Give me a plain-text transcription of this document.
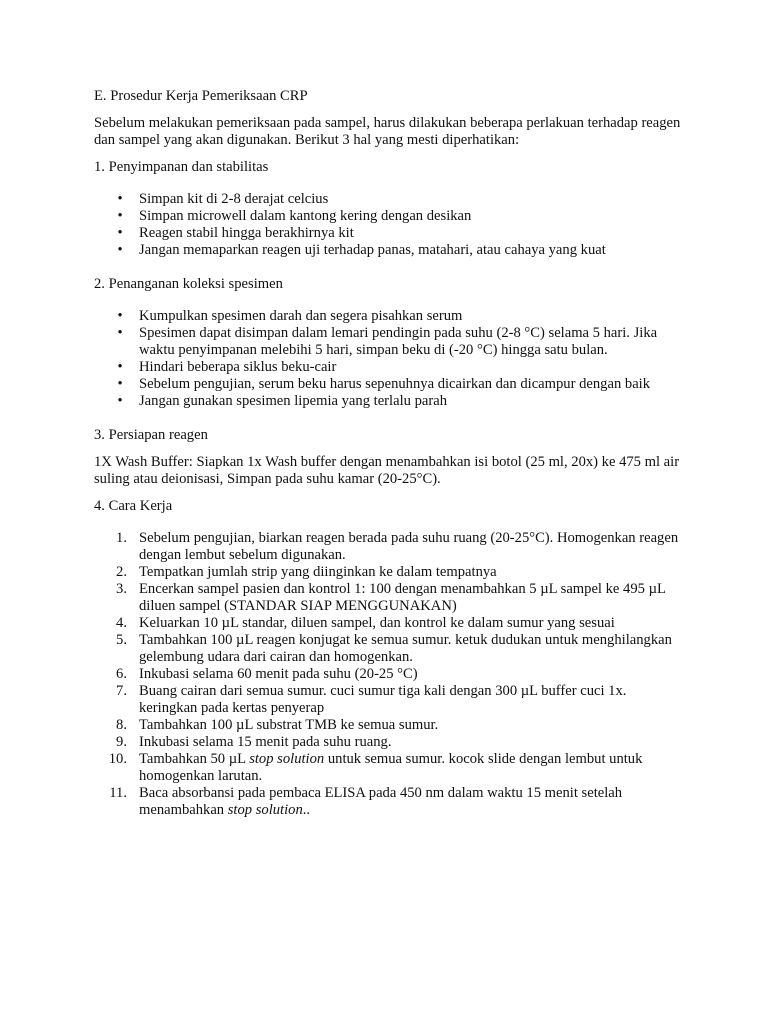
E. Prosedur Kerja Pemeriksaan CRP

Sebelum melakukan pemeriksaan pada sampel, harus dilakukan beberapa perlakuan terhadap reagen dan sampel yang akan digunakan. Berikut 3 hal yang mesti diperhatikan:

1. Penyimpanan dan stabilitas

• Simpan kit di 2-8 derajat celcius
• Simpan microwell dalam kantong kering dengan desikan
• Reagen stabil hingga berakhirnya kit
• Jangan memaparkan reagen uji terhadap panas, matahari, atau cahaya yang kuat

2. Penanganan koleksi spesimen

• Kumpulkan spesimen darah dan segera pisahkan serum
• Spesimen dapat disimpan dalam lemari pendingin pada suhu (2-8 °C) selama 5 hari. Jika waktu penyimpanan melebihi 5 hari, simpan beku di (-20 °C) hingga satu bulan.
• Hindari beberapa siklus beku-cair
• Sebelum pengujian, serum beku harus sepenuhnya dicairkan dan dicampur dengan baik
• Jangan gunakan spesimen lipemia yang terlalu parah

3. Persiapan reagen

1X Wash Buffer: Siapkan 1x Wash buffer dengan menambahkan isi botol (25 ml, 20x) ke 475 ml air suling atau deionisasi, Simpan pada suhu kamar (20-25°C).

4. Cara Kerja

1. Sebelum pengujian, biarkan reagen berada pada suhu ruang (20-25°C). Homogenkan reagen dengan lembut sebelum digunakan.
2. Tempatkan jumlah strip yang diinginkan ke dalam tempatnya
3. Encerkan sampel pasien dan kontrol 1: 100 dengan menambahkan 5 µL sampel ke 495 µL diluen sampel (STANDAR SIAP MENGGUNAKAN)
4. Keluarkan 10 µL standar, diluen sampel, dan kontrol ke dalam sumur yang sesuai
5. Tambahkan 100 µL reagen konjugat ke semua sumur. ketuk dudukan untuk menghilangkan gelembung udara dari cairan dan homogenkan.
6. Inkubasi selama 60 menit pada suhu (20-25 °C)
7. Buang cairan dari semua sumur. cuci sumur tiga kali dengan 300 µL buffer cuci 1x. keringkan pada kertas penyerap
8. Tambahkan 100 µL substrat TMB ke semua sumur.
9. Inkubasi selama 15 menit pada suhu ruang.
10. Tambahkan 50 µL stop solution untuk semua sumur. kocok slide dengan lembut untuk homogenkan larutan.
11. Baca absorbansi pada pembaca ELISA pada 450 nm dalam waktu 15 menit setelah menambahkan stop solution..
